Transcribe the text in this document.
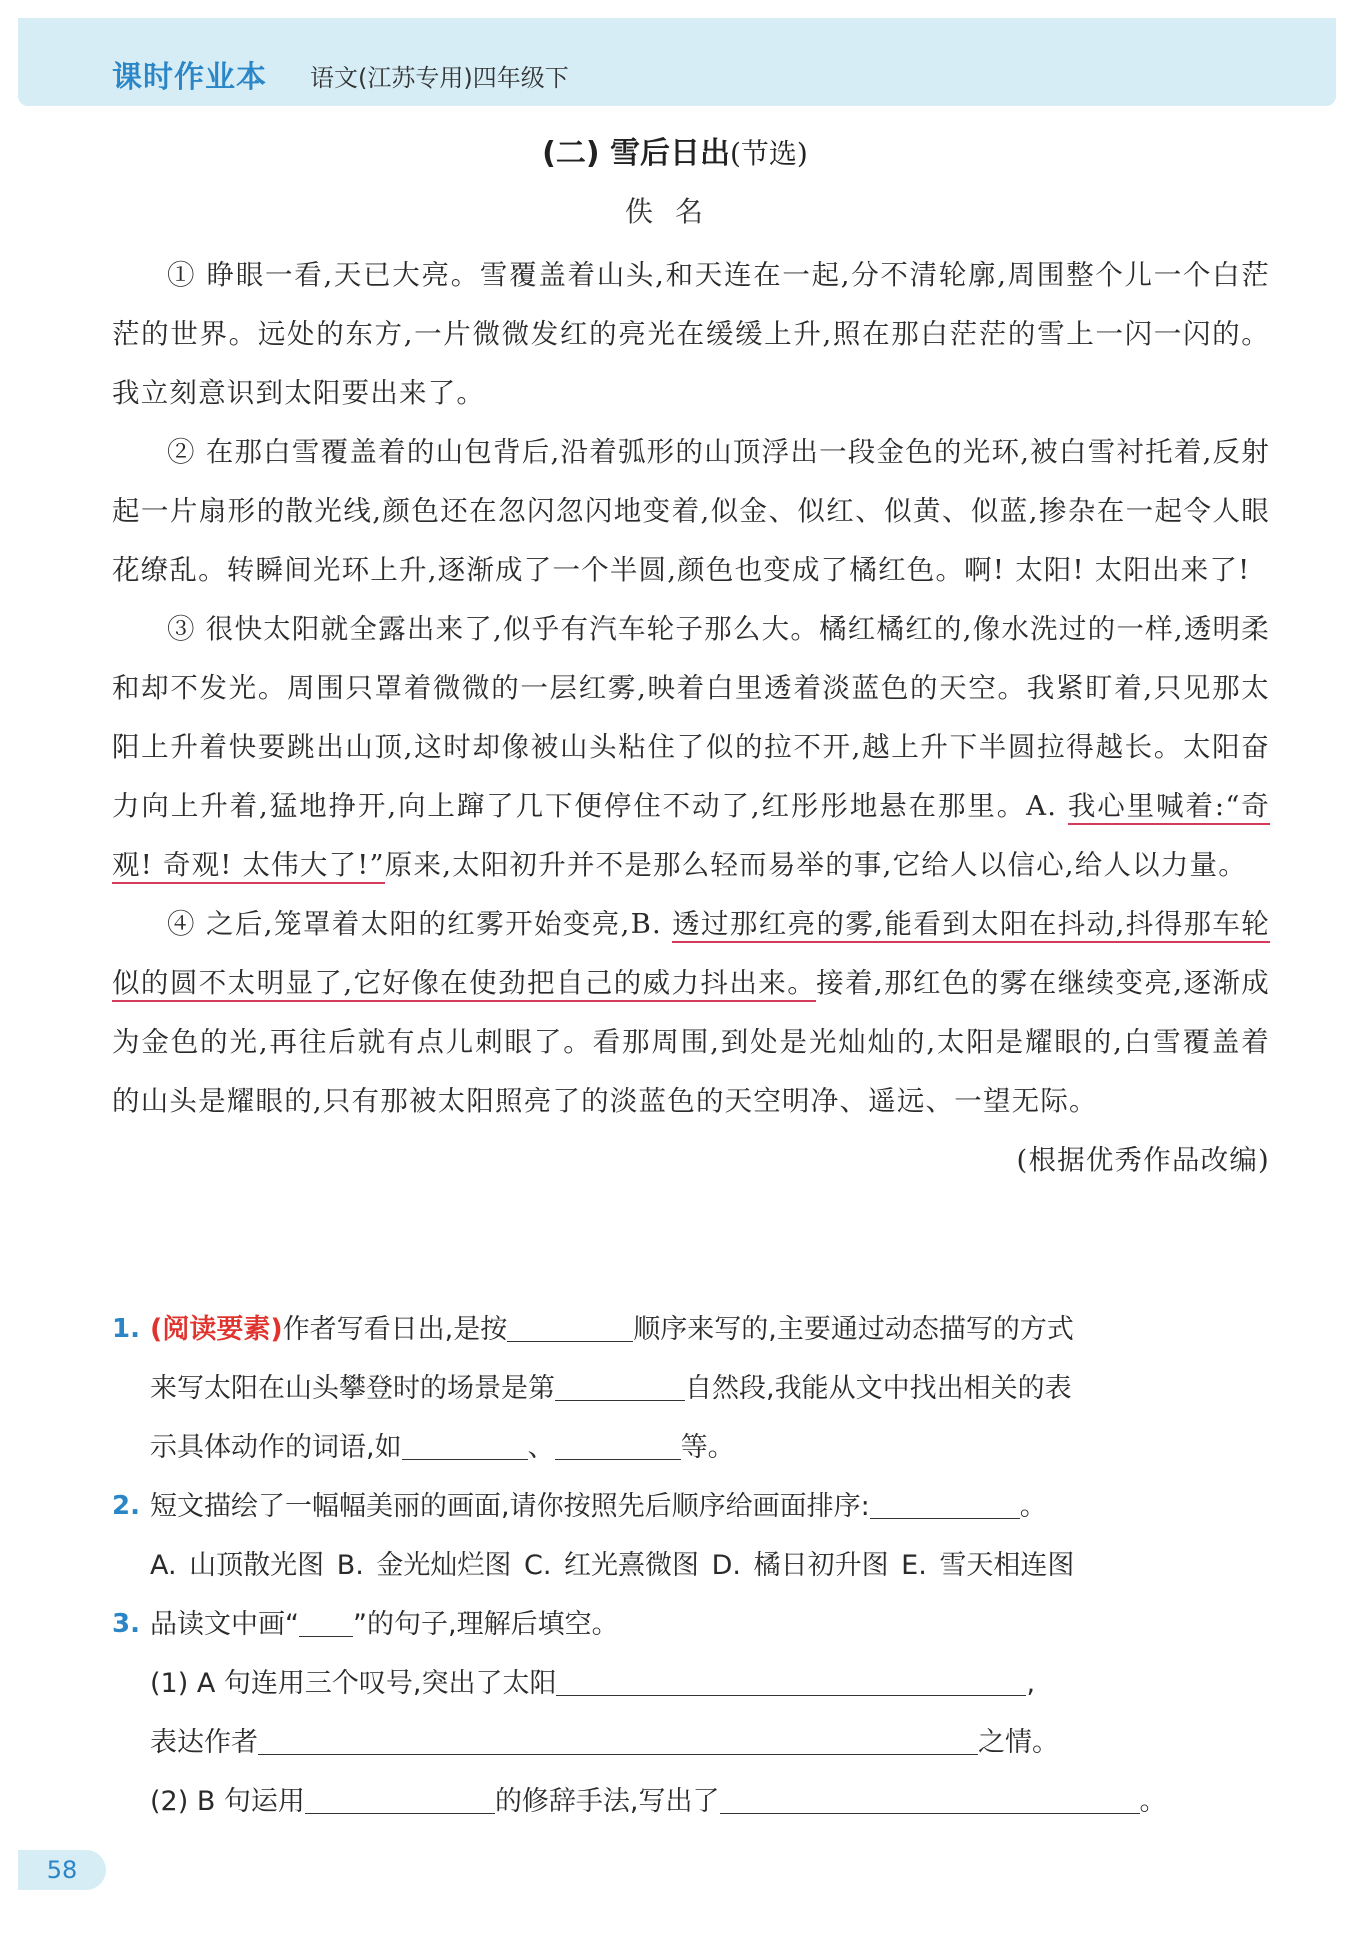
课时作业本 语文(江苏专用)四年级下

(二) 雪后日出(节选)

佚名

① 睁眼一看,天已大亮。雪覆盖着山头,和天连在一起,分不清轮廓,周围整个儿一个白茫茫的世界。远处的东方,一片微微发红的亮光在缓缓上升,照在那白茫茫的雪上一闪一闪的。我立刻意识到太阳要出来了。

② 在那白雪覆盖着的山包背后,沿着弧形的山顶浮出一段金色的光环,被白雪衬托着,反射起一片扇形的散光线,颜色还在忽闪忽闪地变着,似金、似红、似黄、似蓝,掺杂在一起令人眼花缭乱。转瞬间光环上升,逐渐成了一个半圆,颜色也变成了橘红色。啊! 太阳! 太阳出来了!

③ 很快太阳就全露出来了,似乎有汽车轮子那么大。橘红橘红的,像水洗过的一样,透明柔和却不发光。周围只罩着微微的一层红雾,映着白里透着淡蓝色的天空。我紧盯着,只见那太阳上升着快要跳出山顶,这时却像被山头粘住了似的拉不开,越上升下半圆拉得越长。太阳奋力向上升着,猛地挣开,向上蹿了几下便停住不动了,红彤彤地悬在那里。A. 我心里喊着:“奇观! 奇观! 太伟大了!”原来,太阳初升并不是那么轻而易举的事,它给人以信心,给人以力量。

④ 之后,笼罩着太阳的红雾开始变亮,B. 透过那红亮的雾,能看到太阳在抖动,抖得那车轮似的圆不太明显了,它好像在使劲把自己的威力抖出来。接着,那红色的雾在继续变亮,逐渐成为金色的光,再往后就有点儿刺眼了。看那周围,到处是光灿灿的,太阳是耀眼的,白雪覆盖着的山头是耀眼的,只有那被太阳照亮了的淡蓝色的天空明净、遥远、一望无际。

(根据优秀作品改编)

1. (阅读要素)作者写看日出,是按	顺序来写的,主要通过动态描写的方式
来写太阳在山头攀登时的场景是第	自然段,我能从文中找出相关的表
示具体动作的词语,如	、	等。
2. 短文描绘了一幅幅美丽的画面,请你按照先后顺序给画面排序:	。
A. 山顶散光图 B. 金光灿烂图 C. 红光熹微图 D. 橘日初升图 E. 雪天相连图
3. 品读文中画“ ”的句子,理解后填空。
(1) A 句连用三个叹号,突出了太阳	,
表达作者	之情。
(2) B 句运用	的修辞手法,写出了	。
58
